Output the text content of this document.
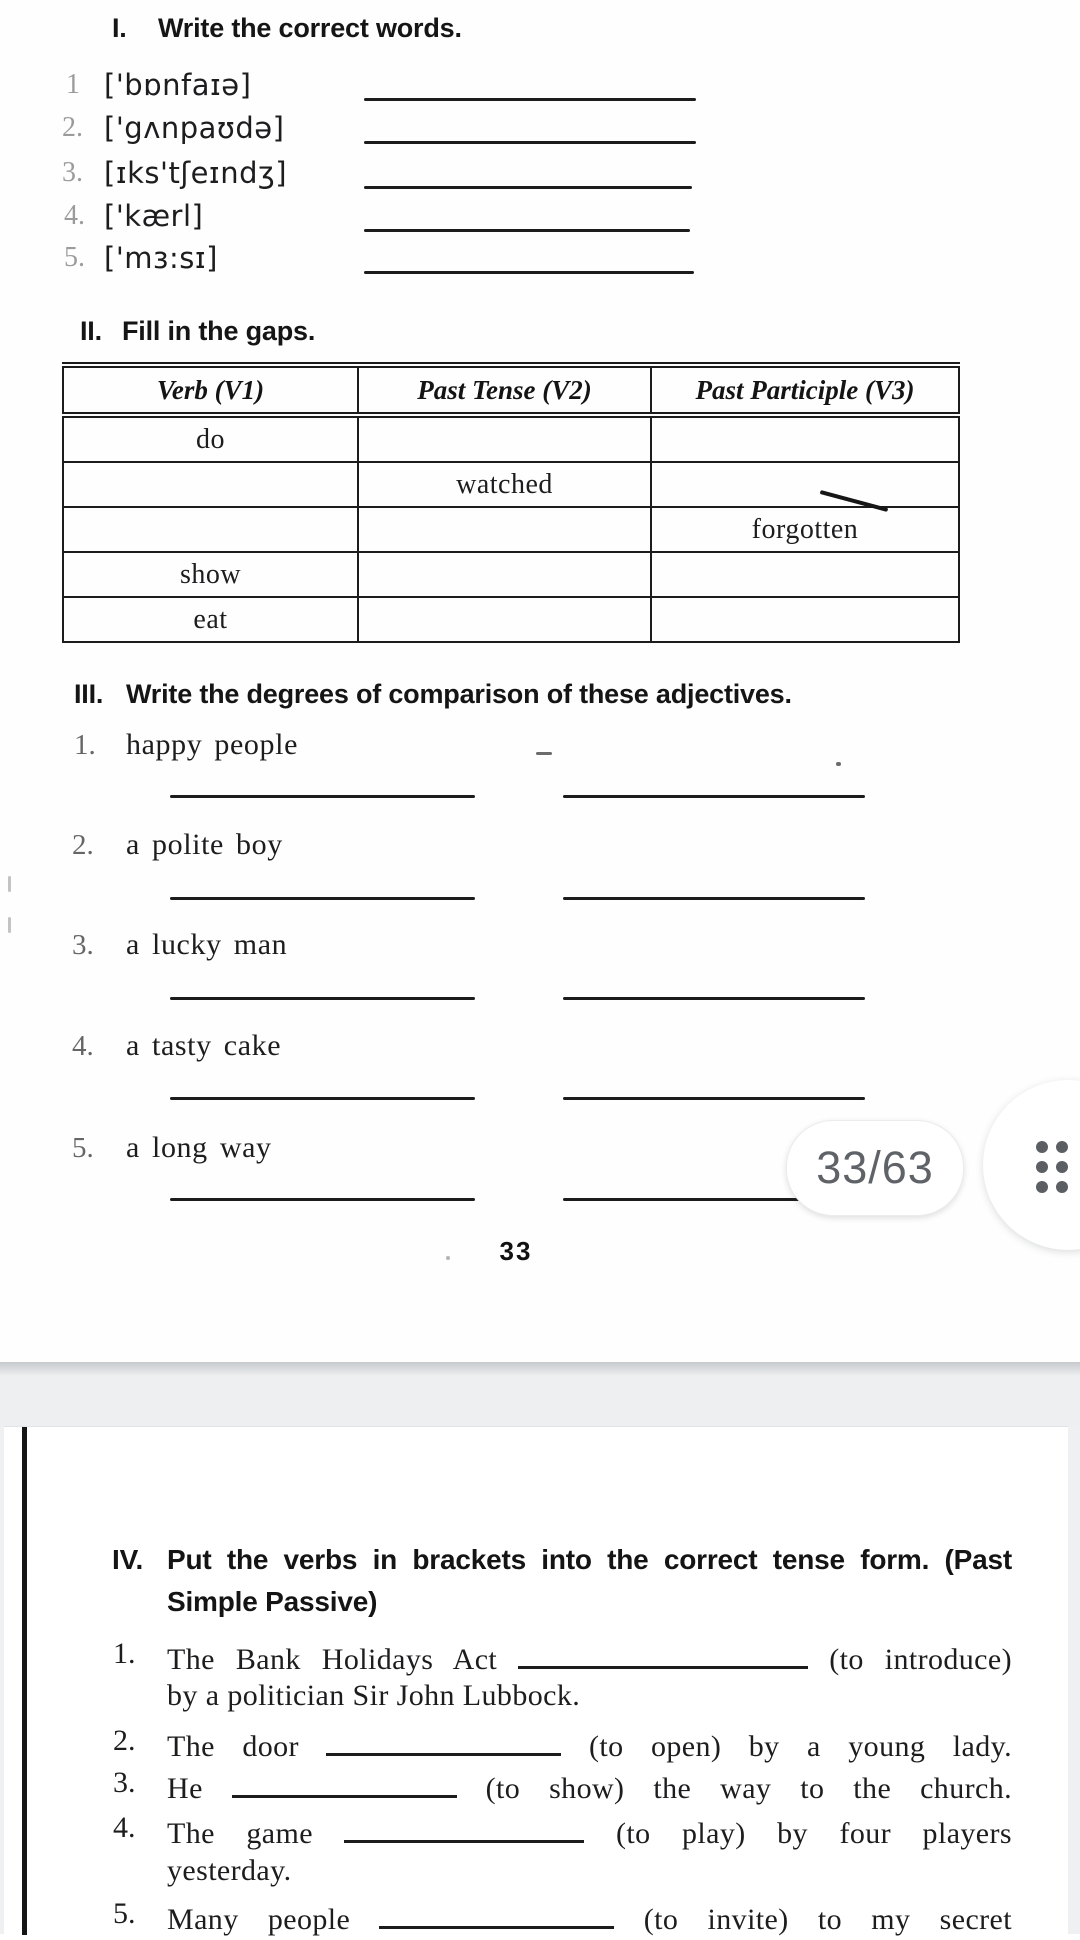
I. Write the correct words.
1 ['bɒnfaɪə]
2. ['gʌnpaʊdə]
3. [ɪks'tʃeɪndʒ]
4. ['kærl]
5. ['mɜ:sɪ]
II. Fill in the gaps.
Verb (V1)	Past Tense (V2)	Past Participle (V3)
do		
	watched	
		forgotten
show		
eat		
III. Write the degrees of comparison of these adjectives.
1. happy people
2. a polite boy
3. a lucky man
4. a tasty cake
5. a long way
33
IV. Put the verbs in brackets into the correct tense form. (Past
Simple Passive)
1. The Bank Holidays Act	(to introduce)
by a politician Sir John Lubbock.
2. The door	(to open) by a young lady.
3. He	(to show) the way to the church.
4. The game	(to play) by four players
yesterday.
5. Many people	(to invite) to my secret
33/63
